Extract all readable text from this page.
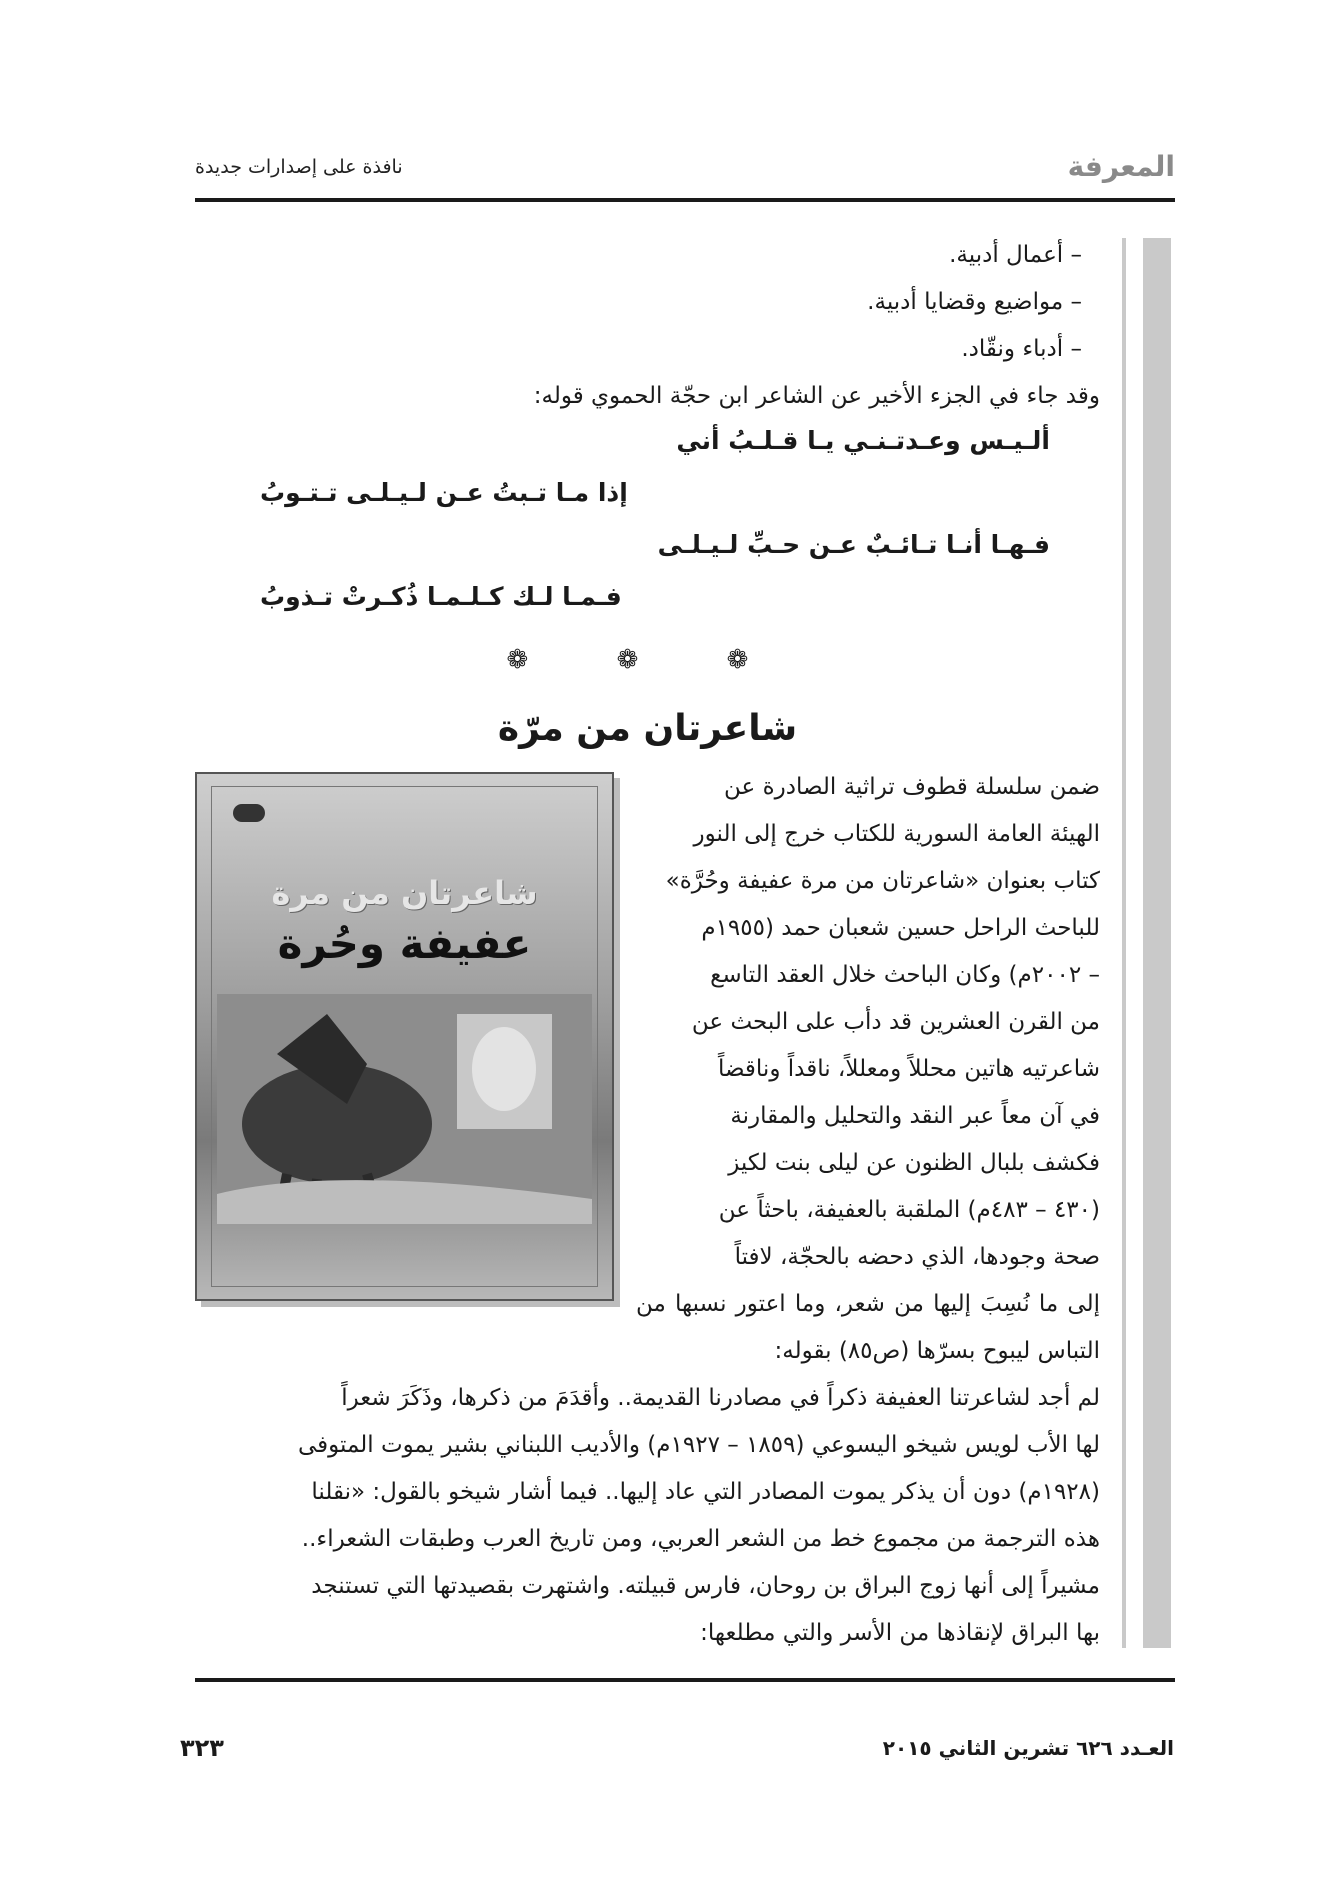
المعرفة
نافذة على إصدارات جديدة
– أعمال أدبية.
– مواضيع وقضايا أدبية.
– أدباء ونقّاد.
وقد جاء في الجزء الأخير عن الشاعر ابن حجّة الحموي قوله:
ألـيـس وعـدتـنـي يـا قـلـبُ أني
إذا مـا تـبتُ عـن لـيـلـى تـتـوبُ
فـهـا أنـا تـائـبٌ عـن حـبِّ لـيـلـى
فـمـا لـك كـلـمـا ذُكـرتْ تـذوبُ
❁ ❁ ❁
شاعرتان من مرّة
شاعرتان من مرة
عفيفة وحُرة
ضمن سلسلة قطوف تراثية الصادرة عن
الهيئة العامة السورية للكتاب خرج إلى النور
كتاب بعنوان «شاعرتان من مرة عفيفة وحُرَّة»
للباحث الراحل حسين شعبان حمد (١٩٥٥م
– ٢٠٠٢م) وكان الباحث خلال العقد التاسع
من القرن العشرين قد دأب على البحث عن
شاعرتيه هاتين محللاً ومعللاً، ناقداً وناقضاً
في آن معاً عبر النقد والتحليل والمقارنة
فكشف بلبال الظنون عن ليلى بنت لكيز
(٤٣٠ – ٤٨٣م) الملقبة بالعفيفة، باحثاً عن
صحة وجودها، الذي دحضه بالحجّة، لافتاً
إلى ما نُسِبَ إليها من شعر، وما اعتور نسبها من التباس ليبوح بسرّها (ص٨٥) بقوله:
لم أجد لشاعرتنا العفيفة ذكراً في مصادرنا القديمة.. وأقدَمَ من ذكرها، وذَكَرَ شعراً
لها الأب لويس شيخو اليسوعي (١٨٥٩ – ١٩٢٧م) والأديب اللبناني بشير يموت المتوفى
(١٩٢٨م) دون أن يذكر يموت المصادر التي عاد إليها.. فيما أشار شيخو بالقول: «نقلنا
هذه الترجمة من مجموع خط من الشعر العربي، ومن تاريخ العرب وطبقات الشعراء..
مشيراً إلى أنها زوج البراق بن روحان، فارس قبيلته. واشتهرت بقصيدتها التي تستنجد
بها البراق لإنقاذها من الأسر والتي مطلعها:
٣٢٣	العـدد ٦٢٦ تشرين الثاني ٢٠١٥
